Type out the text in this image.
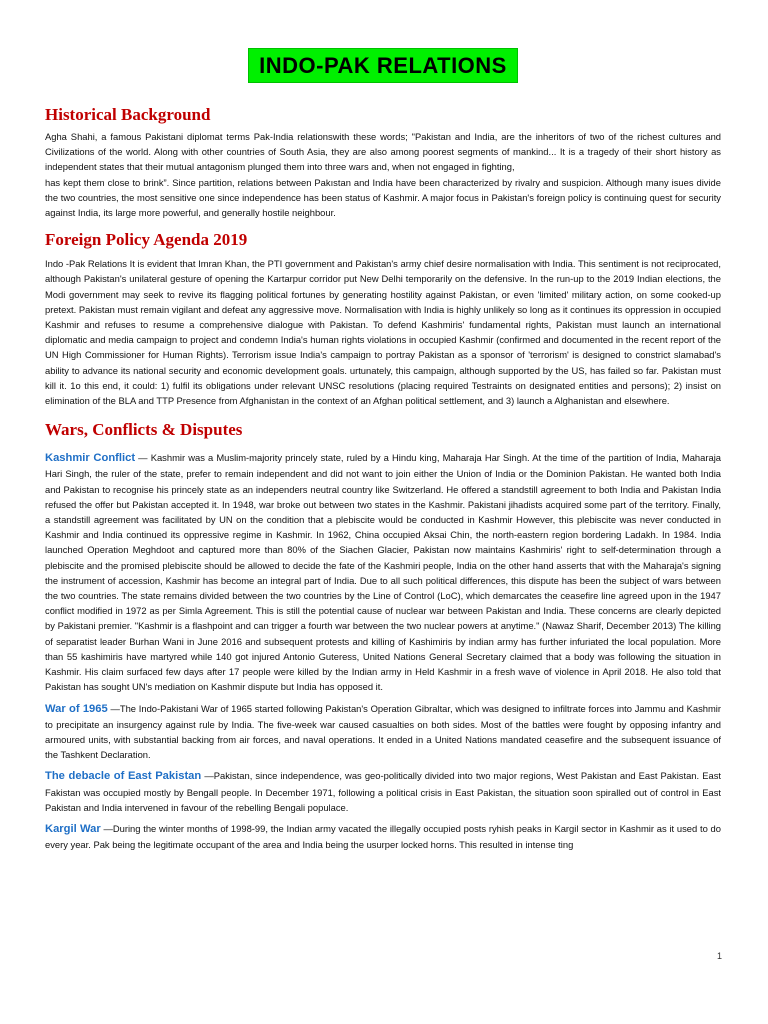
INDO-PAK RELATIONS
Historical Background

Agha Shahi, a famous Pakistani diplomat terms Pak-India relationswith these words; "Pakistan and India, are the inheritors of two of the richest cultures and Civilizations of the world. Along with other countries of South Asia, they are also among poorest segments of mankind... It is a tragedy of their short history as independent states that their mutual antagonism plunged them into three wars and, when not engaged in fighting,

has kept them close to brink”. Since partition, relations between Pakıstan and India have been characterized by rivalry and suspicion. Although many isues divide the two countries, the most sensitive one since independence has been status of Kashmir. A major focus in Pakistan's foreign policy is continuing quest for security against India, its large more powerful, and generally hostile neighbour.

Foreign Policy Agenda 2019

Indo -Pak Relations It is evident that Imran Khan, the PTI government and Pakistan's army chief desire normalisation with India. This sentiment is not reciprocated, although Pakistan's unilateral gesture of opening the Kartarpur corridor put New Delhi temporarily on the defensive. In the run-up to the 2019 Indian elections, the Modi government may seek to revive its flagging political fortunes by generating hostility against Pakistan, or even 'limited' military action, on some cooked-up pretext. Pakistan must remain vigilant and defeat any aggressive move. Normalisation with India is highly unlikely so long as it continues its oppression in occupied Kashmir and refuses to resume a comprehensive dialogue with Pakistan. To defend Kashmiris' fundamental rights, Pakistan must launch an international diplomatic and media campaign to project and condemn India's human rights violations in occupied Kashmir (confirmed and documented in the recent report of the UN High Commissioner for Human Rights). Terrorism issue India's campaign to portray Pakistan as a sponsor of 'terrorism' is designed to constrict slamabad's ability to advance its national security and economic development goals. urtunately, this campaign, although supported by the US, has failed so far. Pakistan must kill it. 1o this end, it could: 1) fulfil its obligations under relevant UNSC resolutions (placing required Testraints on designated entities and persons); 2) insist on elimination of the BLA and TTP Presence from Afghanistan in the context of an Afghan political settlement, and 3) launch a Alghanistan and elsewhere.

Wars, Conflicts & Disputes

Kashmir Conflict — Kashmir was a Muslim-majority princely state, ruled by a Hindu king, Maharaja Har Singh. At the time of the partition of India, Maharaja Hari Singh, the ruler of the state, prefer to remain independent and did not want to join either the Union of India or the Dominion Pakistan. He wanted both India and Pakistan to recognise his princely state as an independers neutral country like Switzerland. He offered a standstill agreement to both India and Pakistan India refused the offer but Pakistan accepted it. In 1948, war broke out between two states in the Kashmir. Pakistani jihadists acquired some part of the territory. Finally, a standstill agreement was facilitated by UN on the condition that a plebiscite would be conducted in Kashmir However, this plebiscite was never conducted in Kashmir and India continued its oppressive regime in Kashmir. In 1962, China occupied Aksai Chin, the north-eastern region bordering Ladakh. In 1984. India launched Operation Meghdoot and captured more than 80% of the Siachen Glacier, Pakistan now maintains Kashmiris' right to self-determination through a plebiscite and the promised plebiscite should be allowed to decide the fate of the Kashmiri people, India on the other hand asserts that with the Maharaja's signing the instrument of accession, Kashmir has become an integral part of India. Due to all such political differences, this dispute has been the subject of wars between the two countries. The state remains divided between the two countries by the Line of Control (LoC), which demarcates the ceasefire line agreed upon in the 1947 conflict modified in 1972 as per Simla Agreement. This is still the potential cause of nuclear war between Pakistan and India. These concerns are clearly depicted by Pakistani premier. "Kashmir is a flashpoint and can trigger a fourth war between the two nuclear powers at anytime." (Nawaz Sharif, December 2013) The killing of separatist leader Burhan Wani in June 2016 and subsequent protests and killing of Kashimiris by indian army has further infuriated the local population. More than 55 kashimiris have martyred while 140 got injured Antonio Guteress, United Nations General Secretary claimed that a body was following the situation in Kashmir. His claim surfaced few days after 17 people were killed by the Indian army in Held Kashmir in a fresh wave of violence in April 2018. He also told that Pakistan has sought UN's mediation on Kashmir dispute but India has opposed it.

War of 1965 —The Indo-Pakistani War of 1965 started following Pakistan's Operation Gibraltar, which was designed to infiltrate forces into Jammu and Kashmir to precipitate an insurgency against rule by India. The five-week war caused casualties on both sides. Most of the battles were fought by opposing infantry and armoured units, with substantial backing from air forces, and naval operations. It ended in a United Nations mandated ceasefire and the subsequent issuance of the Tashkent Declaration.

The debacle of East Pakistan —Pakistan, since independence, was geo-politically divided into two major regions, West Pakistan and East Pakistan. East Fakistan was occupied mostly by Bengall people. In December 1971, following a political crisis in East Pakistan, the situation soon spiralled out of control in East Pakistan and India intervened in favour of the rebelling Bengali populace.

Kargil War —During the winter months of 1998-99, the Indian army vacated the illegally occupied posts ryhish peaks in Kargil sector in Kashmir as it used to do every year. Pak being the legitimate occupant of the area and India being the usurper locked horns. This resulted in intense ting

1
